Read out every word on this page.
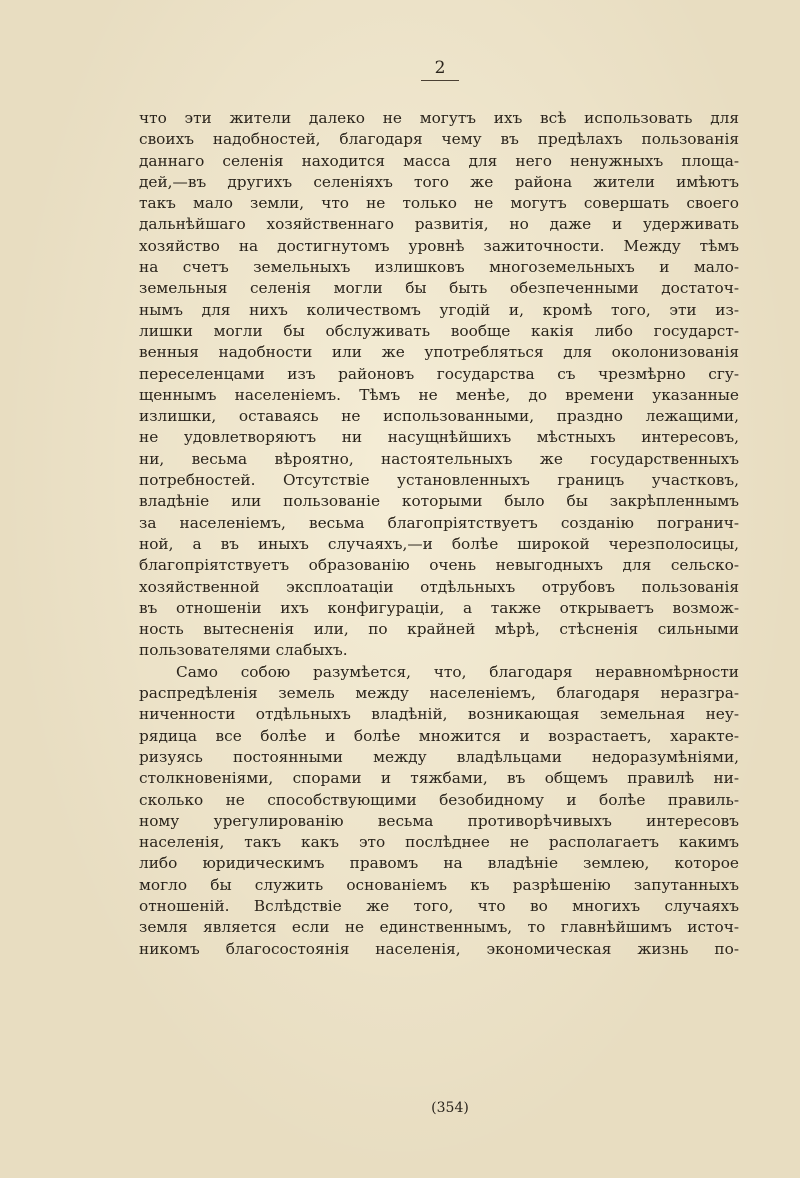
2
что эти жители далеко не могутъ ихъ всѣ использовать для
своихъ надобностей, благодаря чему въ предѣлахъ пользованія
даннаго селенія находится масса для него ненужныхъ площа-
дей,—въ другихъ селеніяхъ того же района жители имѣютъ
такъ мало земли, что не только не могутъ совершать своего
дальнѣйшаго хозяйственнаго развитія, но даже и удерживать
хозяйство на достигнутомъ уровнѣ зажиточности. Между тѣмъ
на счетъ земельныхъ излишковъ многоземельныхъ и мало-
земельныя селенія могли бы быть обезпеченными достаточ-
нымъ для нихъ количествомъ угодій и, кромѣ того, эти из-
лишки могли бы обслуживать вообще какія либо государст-
венныя надобности или же употребляться для околонизованія
переселенцами изъ районовъ государства съ чрезмѣрно сгу-
щеннымъ населеніемъ. Тѣмъ не менѣе, до времени указанные
излишки, оставаясь не использованными, праздно лежащими,
не удовлетворяютъ ни насущнѣйшихъ мѣстныхъ интересовъ,
ни, весьма вѣроятно, настоятельныхъ же государственныхъ
потребностей. Отсутствіе установленныхъ границъ участковъ,
владѣніе или пользованіе которыми было бы закрѣпленнымъ
за населеніемъ, весьма благопріятствуетъ созданію погранич-
ной, а въ иныхъ случаяхъ,—и болѣе широкой черезполосицы,
благопріятствуетъ образованію очень невыгодныхъ для сельско-
хозяйственной эксплоатаціи отдѣльныхъ отрубовъ пользованія
въ отношеніи ихъ конфигураціи, а также открываетъ возмож-
ность вытесненія или, по крайней мѣрѣ, стѣсненія сильными
пользователями слабыхъ.
Само собою разумѣется, что, благодаря неравномѣрности
распредѣленія земель между населеніемъ, благодаря неразгра-
ниченности отдѣльныхъ владѣній, возникающая земельная неу-
рядица все болѣе и болѣе множится и возрастаетъ, характе-
ризуясь постоянными между владѣльцами недоразумѣніями,
столкновеніями, спорами и тяжбами, въ общемъ правилѣ ни-
сколько не способствующими безобидному и болѣе правиль-
ному урегулированію весьма противорѣчивыхъ интересовъ
населенія, такъ какъ это послѣднее не располагаетъ какимъ
либо юридическимъ правомъ на владѣніе землею, которое
могло бы служить основаніемъ къ разрѣшенію запутанныхъ
отношеній. Вслѣдствіе же того, что во многихъ случаяхъ
земля является если не единственнымъ, то главнѣйшимъ источ-
никомъ благосостоянія населенія, экономическая жизнь по-
(354)
